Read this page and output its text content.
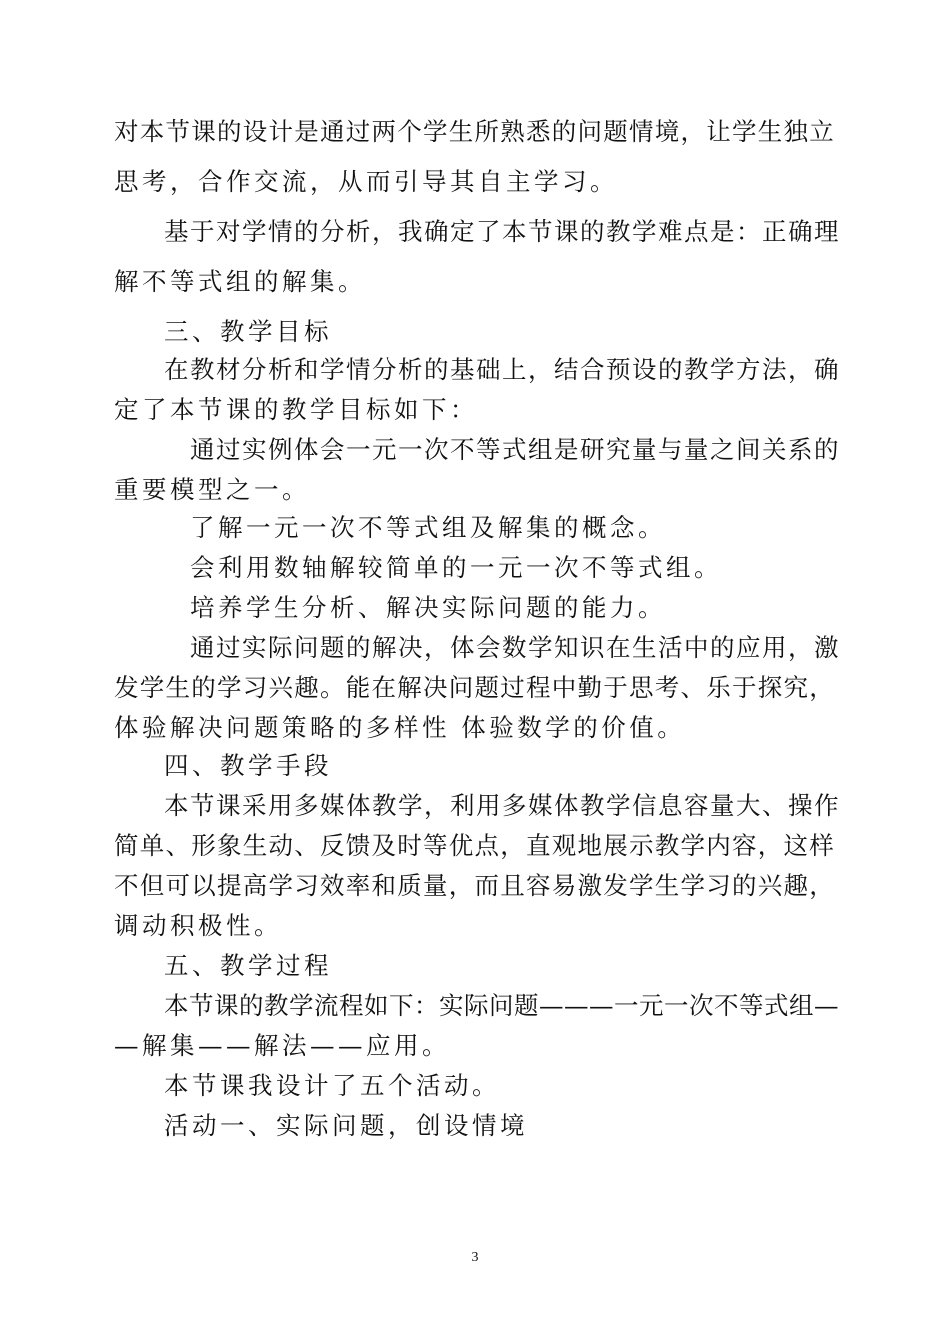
对本节课的设计是通过两个学生所熟悉的问题情境，让学生独立
思考，合作交流，从而引导其自主学习。
基于对学情的分析，我确定了本节课的教学难点是：正确理
解不等式组的解集。
三、教学目标
在教材分析和学情分析的基础上，结合预设的教学方法，确
定了本节课的教学目标如下：
通过实例体会一元一次不等式组是研究量与量之间关系的
重要模型之一。
了解一元一次不等式组及解集的概念。
会利用数轴解较简单的一元一次不等式组。
培养学生分析、解决实际问题的能力。
通过实际问题的解决，体会数学知识在生活中的应用，激
发学生的学习兴趣。能在解决问题过程中勤于思考、乐于探究，
体验解决问题策略的多样性 体验数学的价值。
四、教学手段
本节课采用多媒体教学，利用多媒体教学信息容量大、操作
简单、形象生动、反馈及时等优点，直观地展示教学内容，这样
不但可以提高学习效率和质量，而且容易激发学生学习的兴趣，
调动积极性。
五、教学过程
本节课的教学流程如下：实际问题———一元一次不等式组—
—解集——解法——应用。
本节课我设计了五个活动。
活动一、实际问题，创设情境
3
